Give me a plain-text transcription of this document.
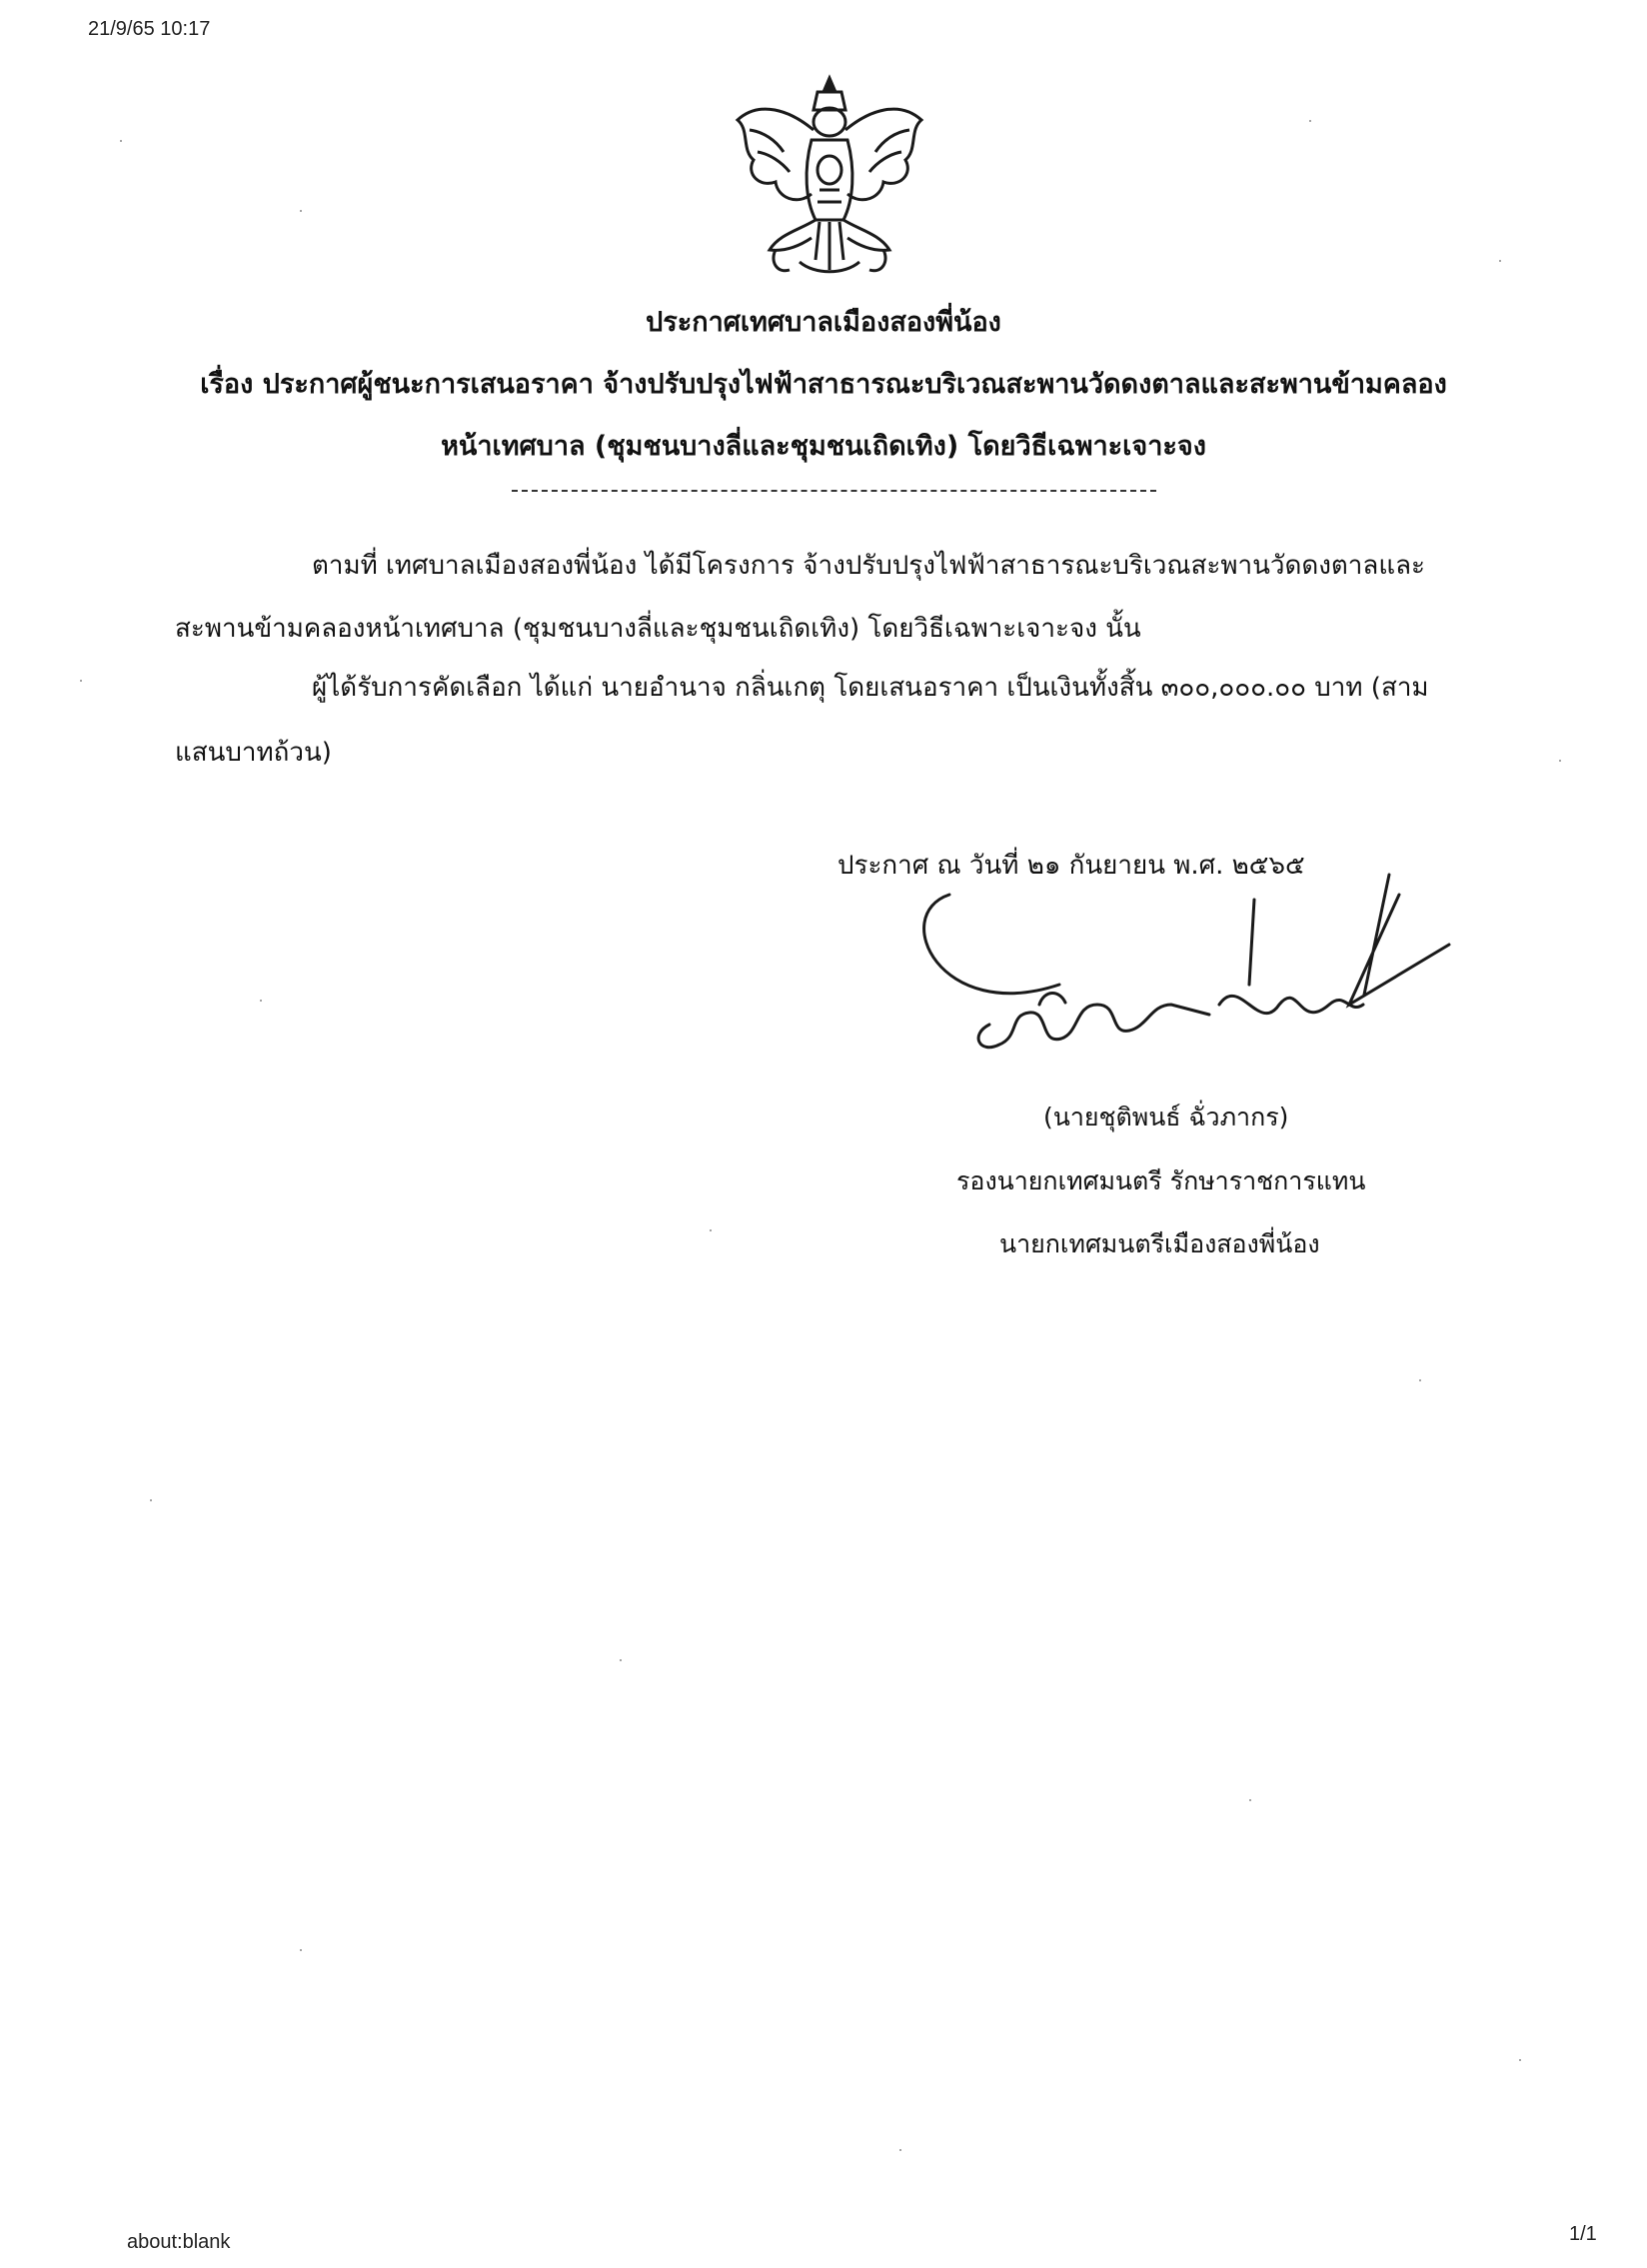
21/9/65 10:17
ประกาศเทศบาลเมืองสองพี่น้อง
เรื่อง ประกาศผู้ชนะการเสนอราคา จ้างปรับปรุงไฟฟ้าสาธารณะบริเวณสะพานวัดดงตาลและสะพานข้ามคลอง
หน้าเทศบาล (ชุมชนบางลี่และชุมชนเถิดเทิง) โดยวิธีเฉพาะเจาะจง
ตามที่ เทศบาลเมืองสองพี่น้อง ได้มีโครงการ จ้างปรับปรุงไฟฟ้าสาธารณะบริเวณสะพานวัดดงตาลและ
สะพานข้ามคลองหน้าเทศบาล (ชุมชนบางลี่และชุมชนเถิดเทิง) โดยวิธีเฉพาะเจาะจง นั้น
ผู้ได้รับการคัดเลือก ได้แก่ นายอำนาจ กลิ่นเกตุ โดยเสนอราคา เป็นเงินทั้งสิ้น ๓๐๐,๐๐๐.๐๐ บาท (สาม
แสนบาทถ้วน)
ประกาศ ณ วันที่ ๒๑ กันยายน พ.ศ. ๒๕๖๕
(นายชุติพนธ์ ฉั่วภากร)
รองนายกเทศมนตรี รักษาราชการแทน
นายกเทศมนตรีเมืองสองพี่น้อง
about:blank	1/1
